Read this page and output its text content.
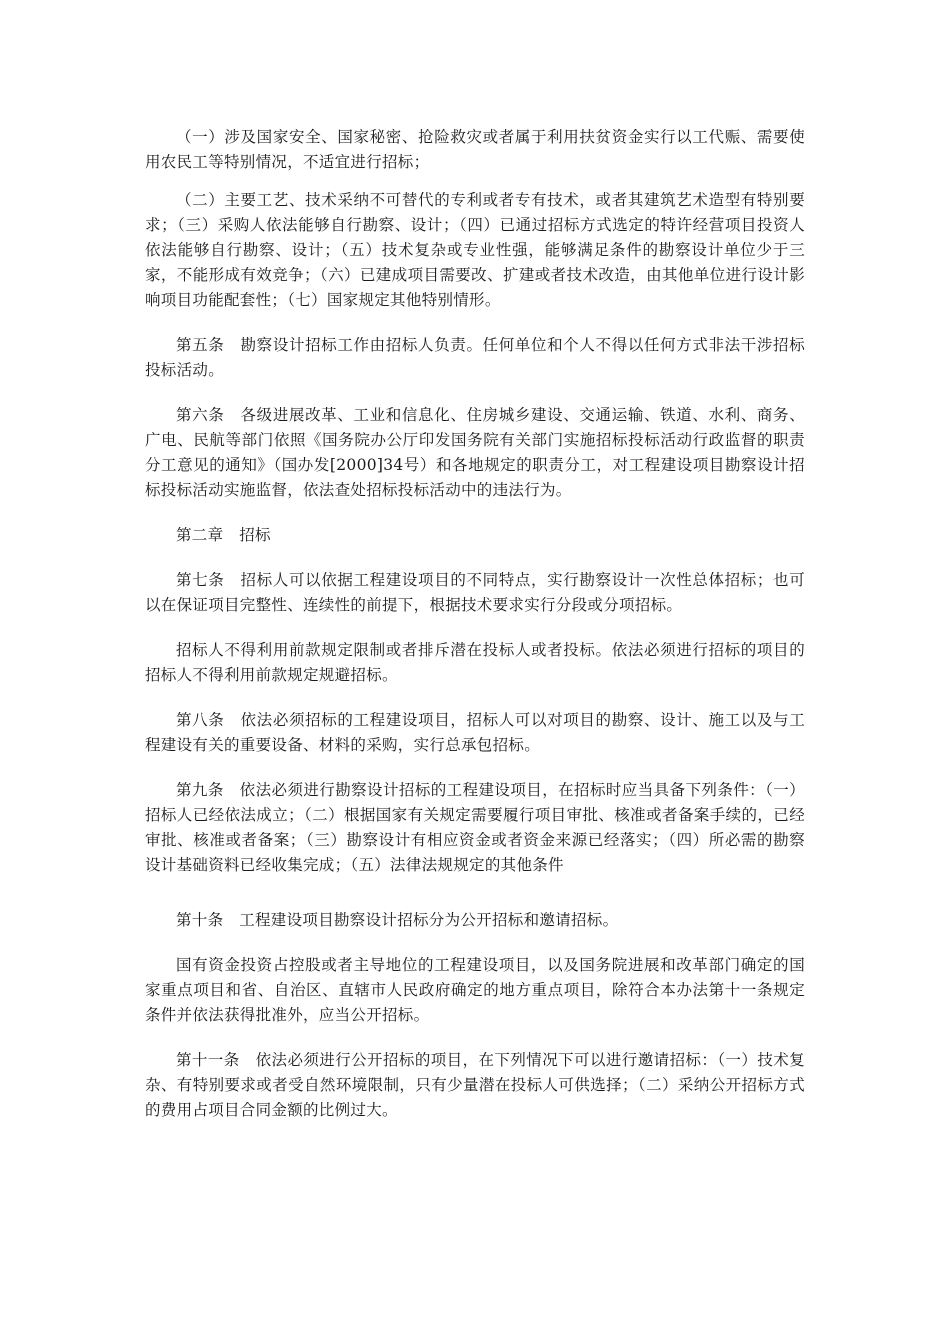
（一）涉及国家安全、国家秘密、抢险救灾或者属于利用扶贫资金实行以工代赈、需要使用农民工等特别情况，不适宜进行招标；

（二）主要工艺、技术采纳不可替代的专利或者专有技术，或者其建筑艺术造型有特别要求；（三）采购人依法能够自行勘察、设计；（四）已通过招标方式选定的特许经营项目投资人依法能够自行勘察、设计；（五）技术复杂或专业性强，能够满足条件的勘察设计单位少于三家，不能形成有效竞争；（六）已建成项目需要改、扩建或者技术改造，由其他单位进行设计影响项目功能配套性；（七）国家规定其他特别情形。

第五条　勘察设计招标工作由招标人负责。任何单位和个人不得以任何方式非法干涉招标投标活动。

第六条　各级进展改革、工业和信息化、住房城乡建设、交通运输、铁道、水利、商务、广电、民航等部门依照《国务院办公厅印发国务院有关部门实施招标投标活动行政监督的职责分工意见的通知》（国办发[2000]34号）和各地规定的职责分工，对工程建设项目勘察设计招标投标活动实施监督，依法查处招标投标活动中的违法行为。

第二章　招标

第七条　招标人可以依据工程建设项目的不同特点，实行勘察设计一次性总体招标；也可以在保证项目完整性、连续性的前提下，根据技术要求实行分段或分项招标。

招标人不得利用前款规定限制或者排斥潜在投标人或者投标。依法必须进行招标的项目的招标人不得利用前款规定规避招标。

第八条　依法必须招标的工程建设项目，招标人可以对项目的勘察、设计、施工以及与工程建设有关的重要设备、材料的采购，实行总承包招标。

第九条　依法必须进行勘察设计招标的工程建设项目，在招标时应当具备下列条件：（一）招标人已经依法成立；（二）根据国家有关规定需要履行项目审批、核准或者备案手续的，已经审批、核准或者备案；（三）勘察设计有相应资金或者资金来源已经落实；（四）所必需的勘察设计基础资料已经收集完成；（五）法律法规规定的其他条件

第十条　工程建设项目勘察设计招标分为公开招标和邀请招标。

国有资金投资占控股或者主导地位的工程建设项目，以及国务院进展和改革部门确定的国家重点项目和省、自治区、直辖市人民政府确定的地方重点项目，除符合本办法第十一条规定条件并依法获得批准外，应当公开招标。

第十一条　依法必须进行公开招标的项目，在下列情况下可以进行邀请招标：（一）技术复杂、有特别要求或者受自然环境限制，只有少量潜在投标人可供选择；（二）采纳公开招标方式的费用占项目合同金额的比例过大。
